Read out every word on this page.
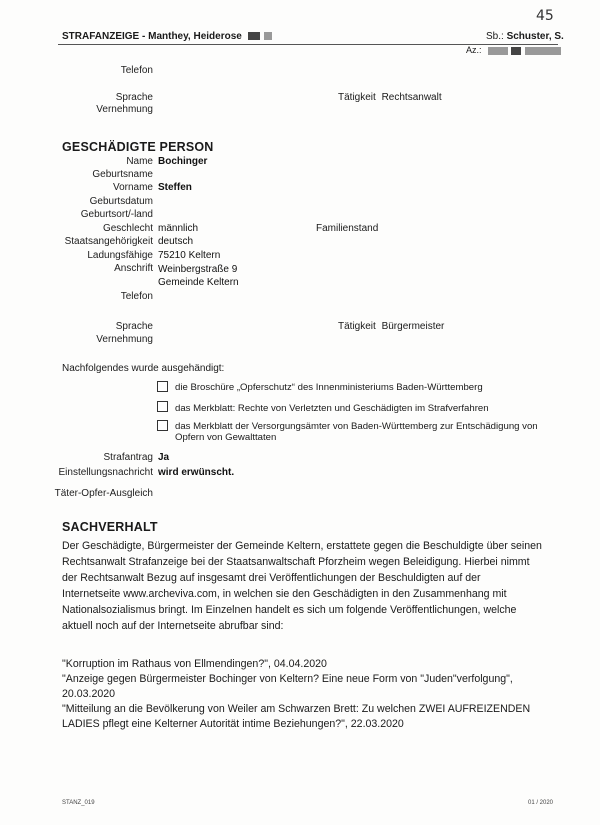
STRAFANZEIGE - Manthey, Heiderose	Sb.: Schuster, S.
45
Az.:
Telefon
Sprache
Vernehmung
Tätigkeit Rechtsanwalt
GESCHÄDIGTE PERSON
Name Bochinger
Geburtsname
Vorname Steffen
Geburtsdatum
Geburtsort/-land
Geschlecht männlich	Familienstand
Staatsangehörigkeit deutsch
Ladungsfähige 75210 Keltern
Anschrift Weinbergstraße 9
Gemeinde Keltern
Telefon
Sprache
Vernehmung
Tätigkeit Bürgermeister
Nachfolgendes wurde ausgehändigt:
die Broschüre „Opferschutz“ des Innenministeriums Baden-Württemberg
das Merkblatt: Rechte von Verletzten und Geschädigten im Strafverfahren
das Merkblatt der Versorgungsämter von Baden-Württemberg zur Entschädigung von
Opfern von Gewalttaten
Strafantrag Ja
Einstellungsnachricht wird erwünscht.
Täter-Opfer-Ausgleich
SACHVERHALT
Der Geschädigte, Bürgermeister der Gemeinde Keltern, erstattete gegen die Beschuldigte über seinen
Rechtsanwalt Strafanzeige bei der Staatsanwaltschaft Pforzheim wegen Beleidigung. Hierbei nimmt
der Rechtsanwalt Bezug auf insgesamt drei Veröffentlichungen der Beschuldigten auf der
Internetseite www.archeviva.com, in welchen sie den Geschädigten in den Zusammenhang mit
Nationalsozialismus bringt. Im Einzelnen handelt es sich um folgende Veröffentlichungen, welche
aktuell noch auf der Internetseite abrufbar sind:
"Korruption im Rathaus von Ellmendingen?", 04.04.2020
"Anzeige gegen Bürgermeister Bochinger von Keltern? Eine neue Form von "Juden"verfolgung",
20.03.2020
"Mitteilung an die Bevölkerung von Weiler am Schwarzen Brett: Zu welchen ZWEI AUFREIZENDEN
LADIES pflegt eine Kelterner Autorität intime Beziehungen?", 22.03.2020
STANZ_019	01 / 2020
